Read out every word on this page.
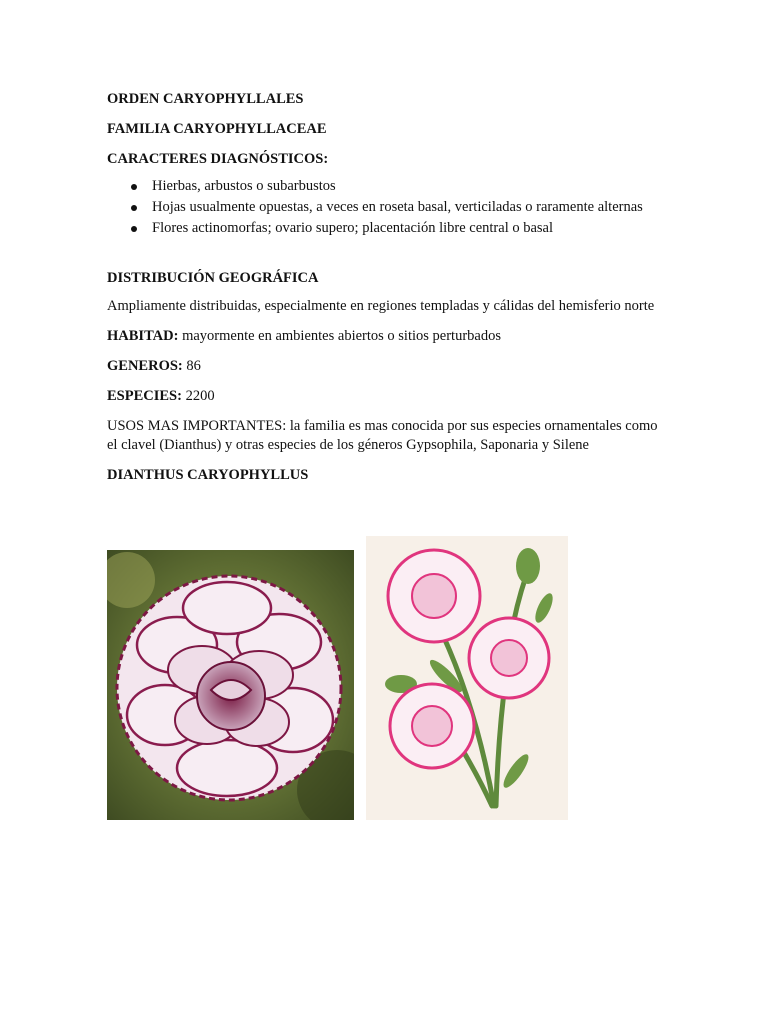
ORDEN CARYOPHYLLALES

FAMILIA CARYOPHYLLACEAE

CARACTERES DIAGNÓSTICOS:

Hierbas, arbustos o subarbustos
Hojas usualmente opuestas, a veces en roseta basal, verticiladas o raramente alternas
Flores actinomorfas; ovario supero; placentación libre central o basal

DISTRIBUCIÓN GEOGRÁFICA

Ampliamente distribuidas, especialmente en regiones templadas y cálidas del hemisferio norte

HABITAD: mayormente en ambientes abiertos o sitios perturbados

GENEROS: 86

ESPECIES: 2200

USOS MAS IMPORTANTES: la familia es mas conocida por sus especies ornamentales como el clavel (Dianthus) y otras especies de los géneros Gypsophila, Saponaria y Silene

DIANTHUS CARYOPHYLLUS
